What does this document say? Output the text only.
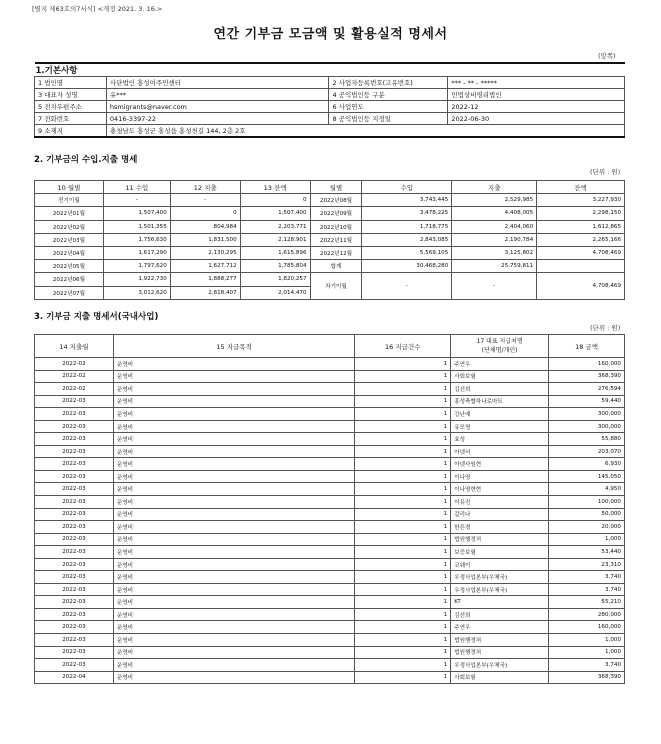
[별지 제63호의7서식] <개정 2021. 3. 16.>
연간 기부금 모금액 및 활용실적 명세서
(앞쪽)
1.기본사항			
1 법인명	사단법인 홍성이주민센터	2 사업자등록번호(고유번호)	*** - ** - *****
3 대표자 성명	유***	4 공익법인등 구분	민법상비영리법인
5 전자우편주소	hsmigrants@naver.com	6 사업연도	2022-12
7 전화번호	0416-3397-22	8 공익법인등 지정일	2022-06-30
9 소재지	충청남도 홍성군 홍성읍 홍성천길 144, 2층 2호		
2. 기부금의 수입.지출 명세
(단위 : 원)
10 월별	11 수입	12 지출	13 잔액	월별	수입	지출	잔액
전기이월	-	-	0	2022년08월	3,743,445	2,529,985	3,227,930
2022년01월	1,507,400	0	1,507,400	2022년09월	3,478,225	4,408,005	2,298,150
2022년02월	1,501,355	804,984	2,203,771	2022년10월	1,718,775	2,404,060	1,612,865
2022년03월	1,756,630	1,831,500	2,128,901	2022년11월	2,843,085	2,190,784	2,265,166
2022년04월	1,617,290	2,130,295	1,615,896	2022년12월	5,569,105	3,125,802	4,708,469
2022년05월	1,797,620	1,627,712	1,785,804	합계	30,468,280	25,759,811	
2022년06월	1,922,730	1,888,277	1,820,257	차기이월	-	-	4,708,469
2022년07월	3,012,620	2,818,407	2,014,470				
3. 기부금 지출 명세서(국내사업)
(단위 : 원)
14 지출월	15 지급목적	16 지급건수	17 대표 지급처명
(단체명/개인)	18 금액
2022-02	운영비	1	주연우	160,000
2022-02	운영비	1	사회보험	368,390
2022-02	운영비	1	김선희	276,594
2022-03	운영비	1	홍성축협하나로마트	59,440
2022-03	운영비	1	강난예	300,000
2022-03	운영비	1	유모명	300,000
2022-03	운영비	1	효성	55,880
2022-03	운영비	1	아넷서	203,070
2022-03	운영비	1	아넷사원현	6,930
2022-03	운영비	1	이나영	145,050
2022-03	운영비	1	이나영현현	4,950
2022-03	운영비	1	이유진	100,000
2022-03	운영비	1	갈리나	50,000
2022-03	운영비	1	한은경	20,000
2022-03	운영비	1	법원행정처	1,000
2022-03	운영비	1	보증보험	53,440
2022-03	운영비	1	코웨이	23,310
2022-03	운영비	1	우정사업본부(우체국)	3,740
2022-03	운영비	1	우정사업본부(우체국)	3,740
2022-03	운영비	1	KT	55,210
2022-03	운영비	1	김선희	280,000
2022-03	운영비	1	주연우	160,000
2022-03	운영비	1	법원행정처	1,000
2022-03	운영비	1	법원행정처	1,000
2022-03	운영비	1	우정사업본부(우체국)	3,740
2022-04	운영비	1	사회보험	368,390
